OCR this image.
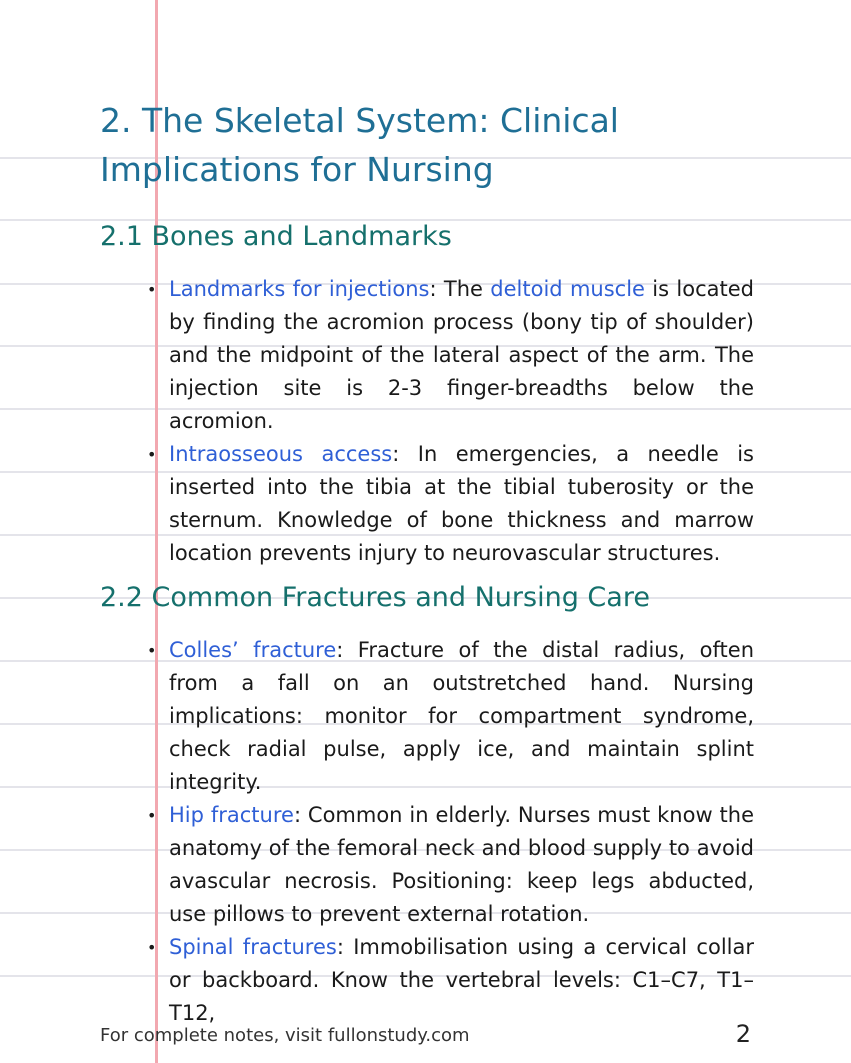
2. The Skeletal System: Clinical Implications for Nursing
2.1 Bones and Landmarks
• Landmarks for injections: The deltoid muscle is located by finding the acromion process (bony tip of shoulder) and the midpoint of the lateral aspect of the arm. The injection site is 2-3 finger-breadths below the acromion.
• Intraosseous access: In emergencies, a needle is inserted into the tibia at the tibial tuberosity or the sternum. Knowledge of bone thickness and marrow location prevents injury to neurovascular structures.
2.2 Common Fractures and Nursing Care
• Colles’ fracture: Fracture of the distal radius, often from a fall on an outstretched hand. Nursing implications: monitor for compartment syndrome, check radial pulse, apply ice, and maintain splint integrity.
• Hip fracture: Common in elderly. Nurses must know the anatomy of the femoral neck and blood supply to avoid avascular necrosis. Positioning: keep legs abducted, use pillows to prevent external rotation.
• Spinal fractures: Immobilisation using a cervical collar or backboard. Know the vertebral levels: C1–C7, T1–T12,
For complete notes, visit fullonstudy.com	2
